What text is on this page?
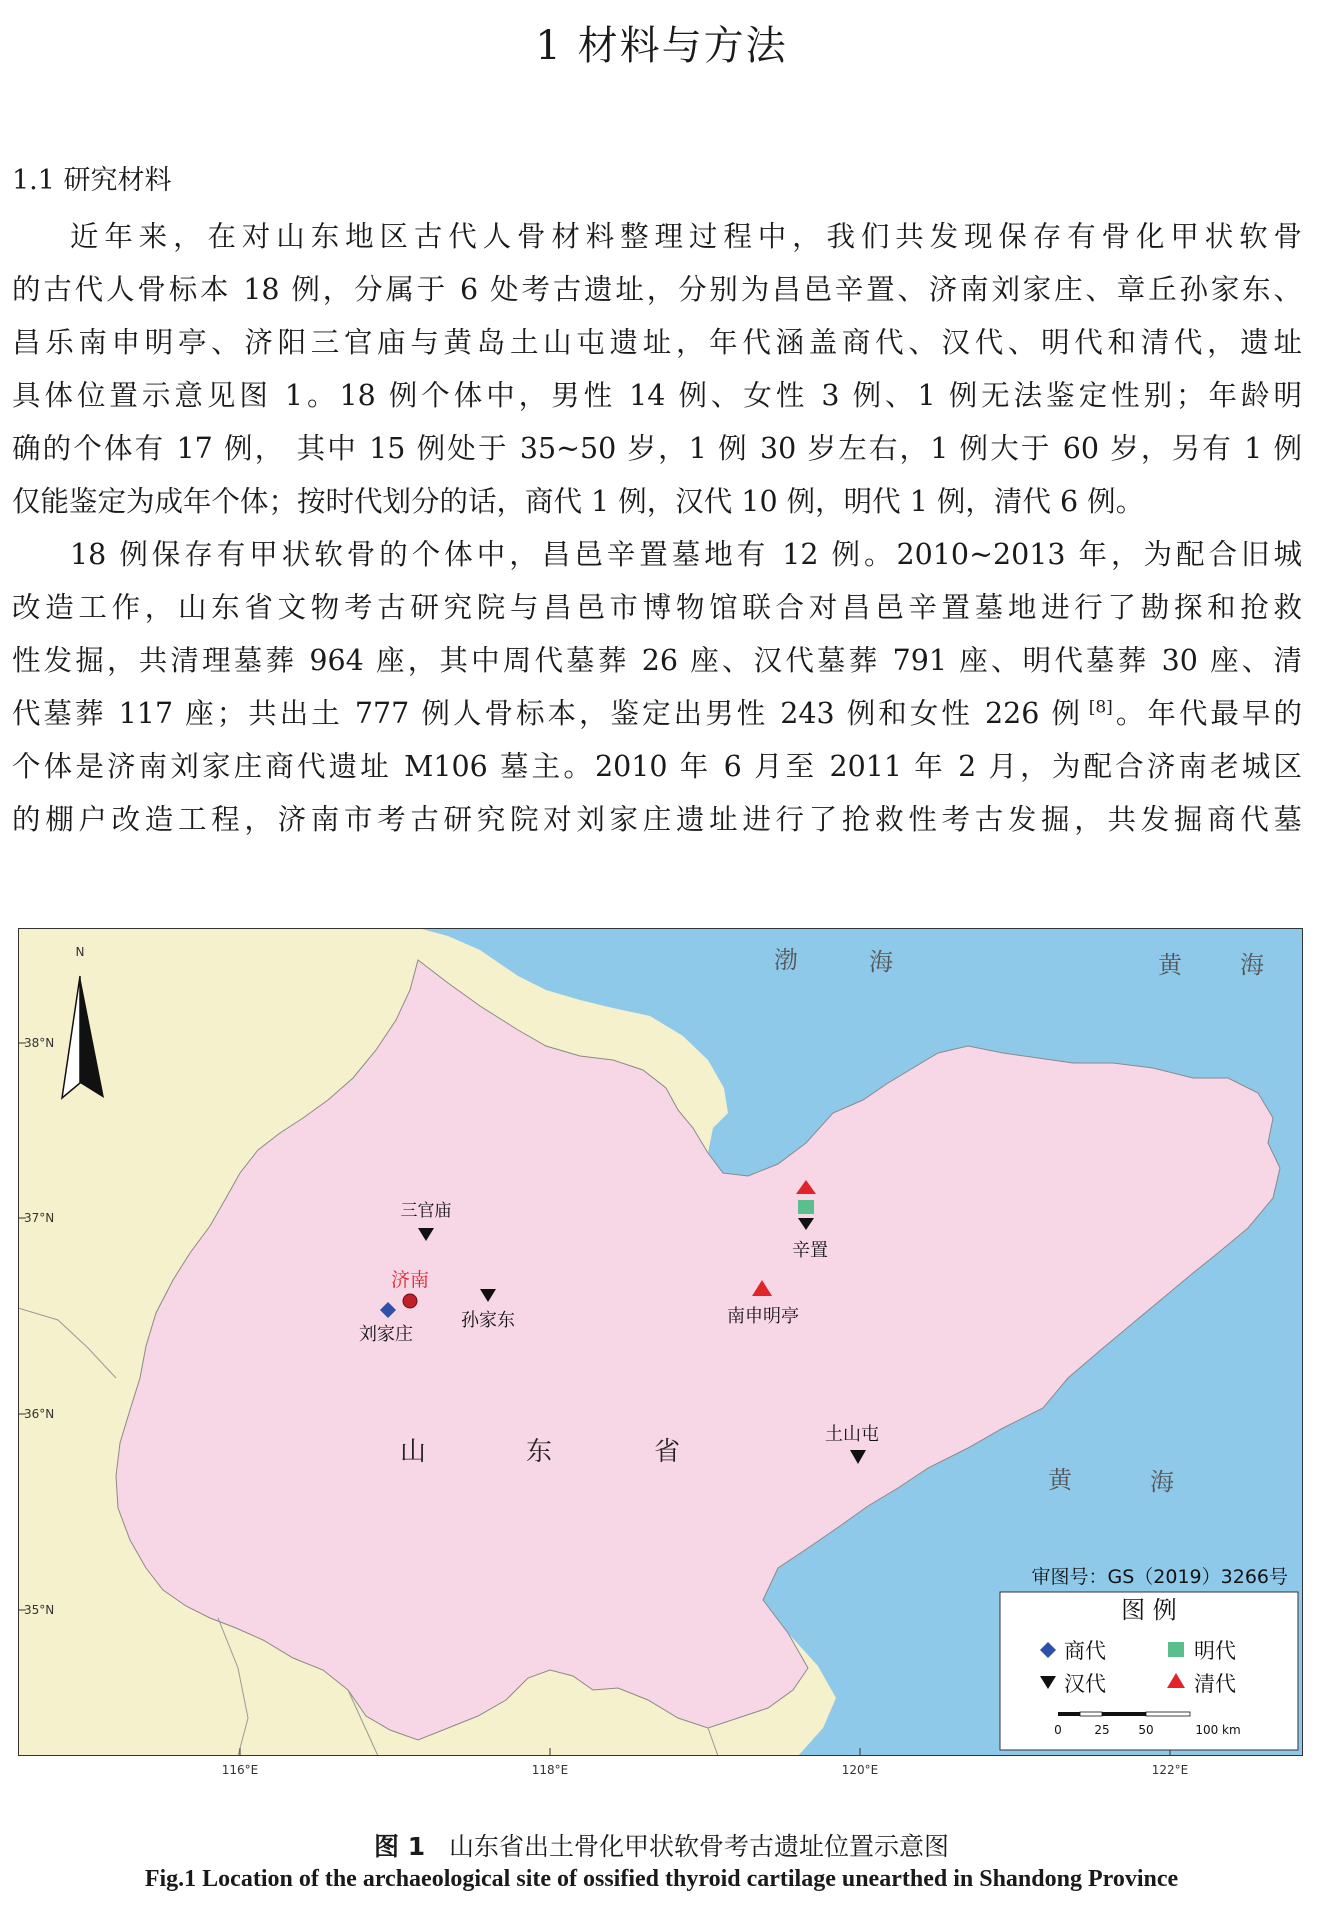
1 材料与方法
1.1 研究材料
近年来，在对山东地区古代人骨材料整理过程中，我们共发现保存有骨化甲状软骨
的古代人骨标本 18 例，分属于 6 处考古遗址，分别为昌邑辛置、济南刘家庄、章丘孙家东、
昌乐南申明亭、济阳三官庙与黄岛土山屯遗址，年代涵盖商代、汉代、明代和清代，遗址
具体位置示意见图 1。18 例个体中，男性 14 例、女性 3 例、1 例无法鉴定性别；年龄明
确的个体有 17 例， 其中 15 例处于 35~50 岁，1 例 30 岁左右，1 例大于 60 岁，另有 1 例
仅能鉴定为成年个体；按时代划分的话，商代 1 例，汉代 10 例，明代 1 例，清代 6 例。
18 例保存有甲状软骨的个体中，昌邑辛置墓地有 12 例。2010~2013 年，为配合旧城
改造工作，山东省文物考古研究院与昌邑市博物馆联合对昌邑辛置墓地进行了勘探和抢救
性发掘，共清理墓葬 964 座，其中周代墓葬 26 座、汉代墓葬 791 座、明代墓葬 30 座、清
代墓葬 117 座；共出土 777 例人骨标本，鉴定出男性 243 例和女性 226 例  [8]。年代最早的
个体是济南刘家庄商代遗址 M106 墓主。2010 年 6 月至 2011 年 2 月，为配合济南老城区
的棚户改造工程，济南市考古研究院对刘家庄遗址进行了抢救性考古发掘，共发掘商代墓
38°N
37°N
36°N
35°N
N	渤	海	黄 海
黄	海
山	东	省
三官庙
济南
刘家庄
孙家东
辛置
南申明亭
土山屯
审图号：GS（2019）3266号
图 例
商代	明代
汉代	清代
0	25 50	100 km
116°E	118°E	120°E	122°E
图 1 山东省出土骨化甲状软骨考古遗址位置示意图
Fig.1 Location of the archaeological site of ossified thyroid cartilage unearthed in Shandong Province
